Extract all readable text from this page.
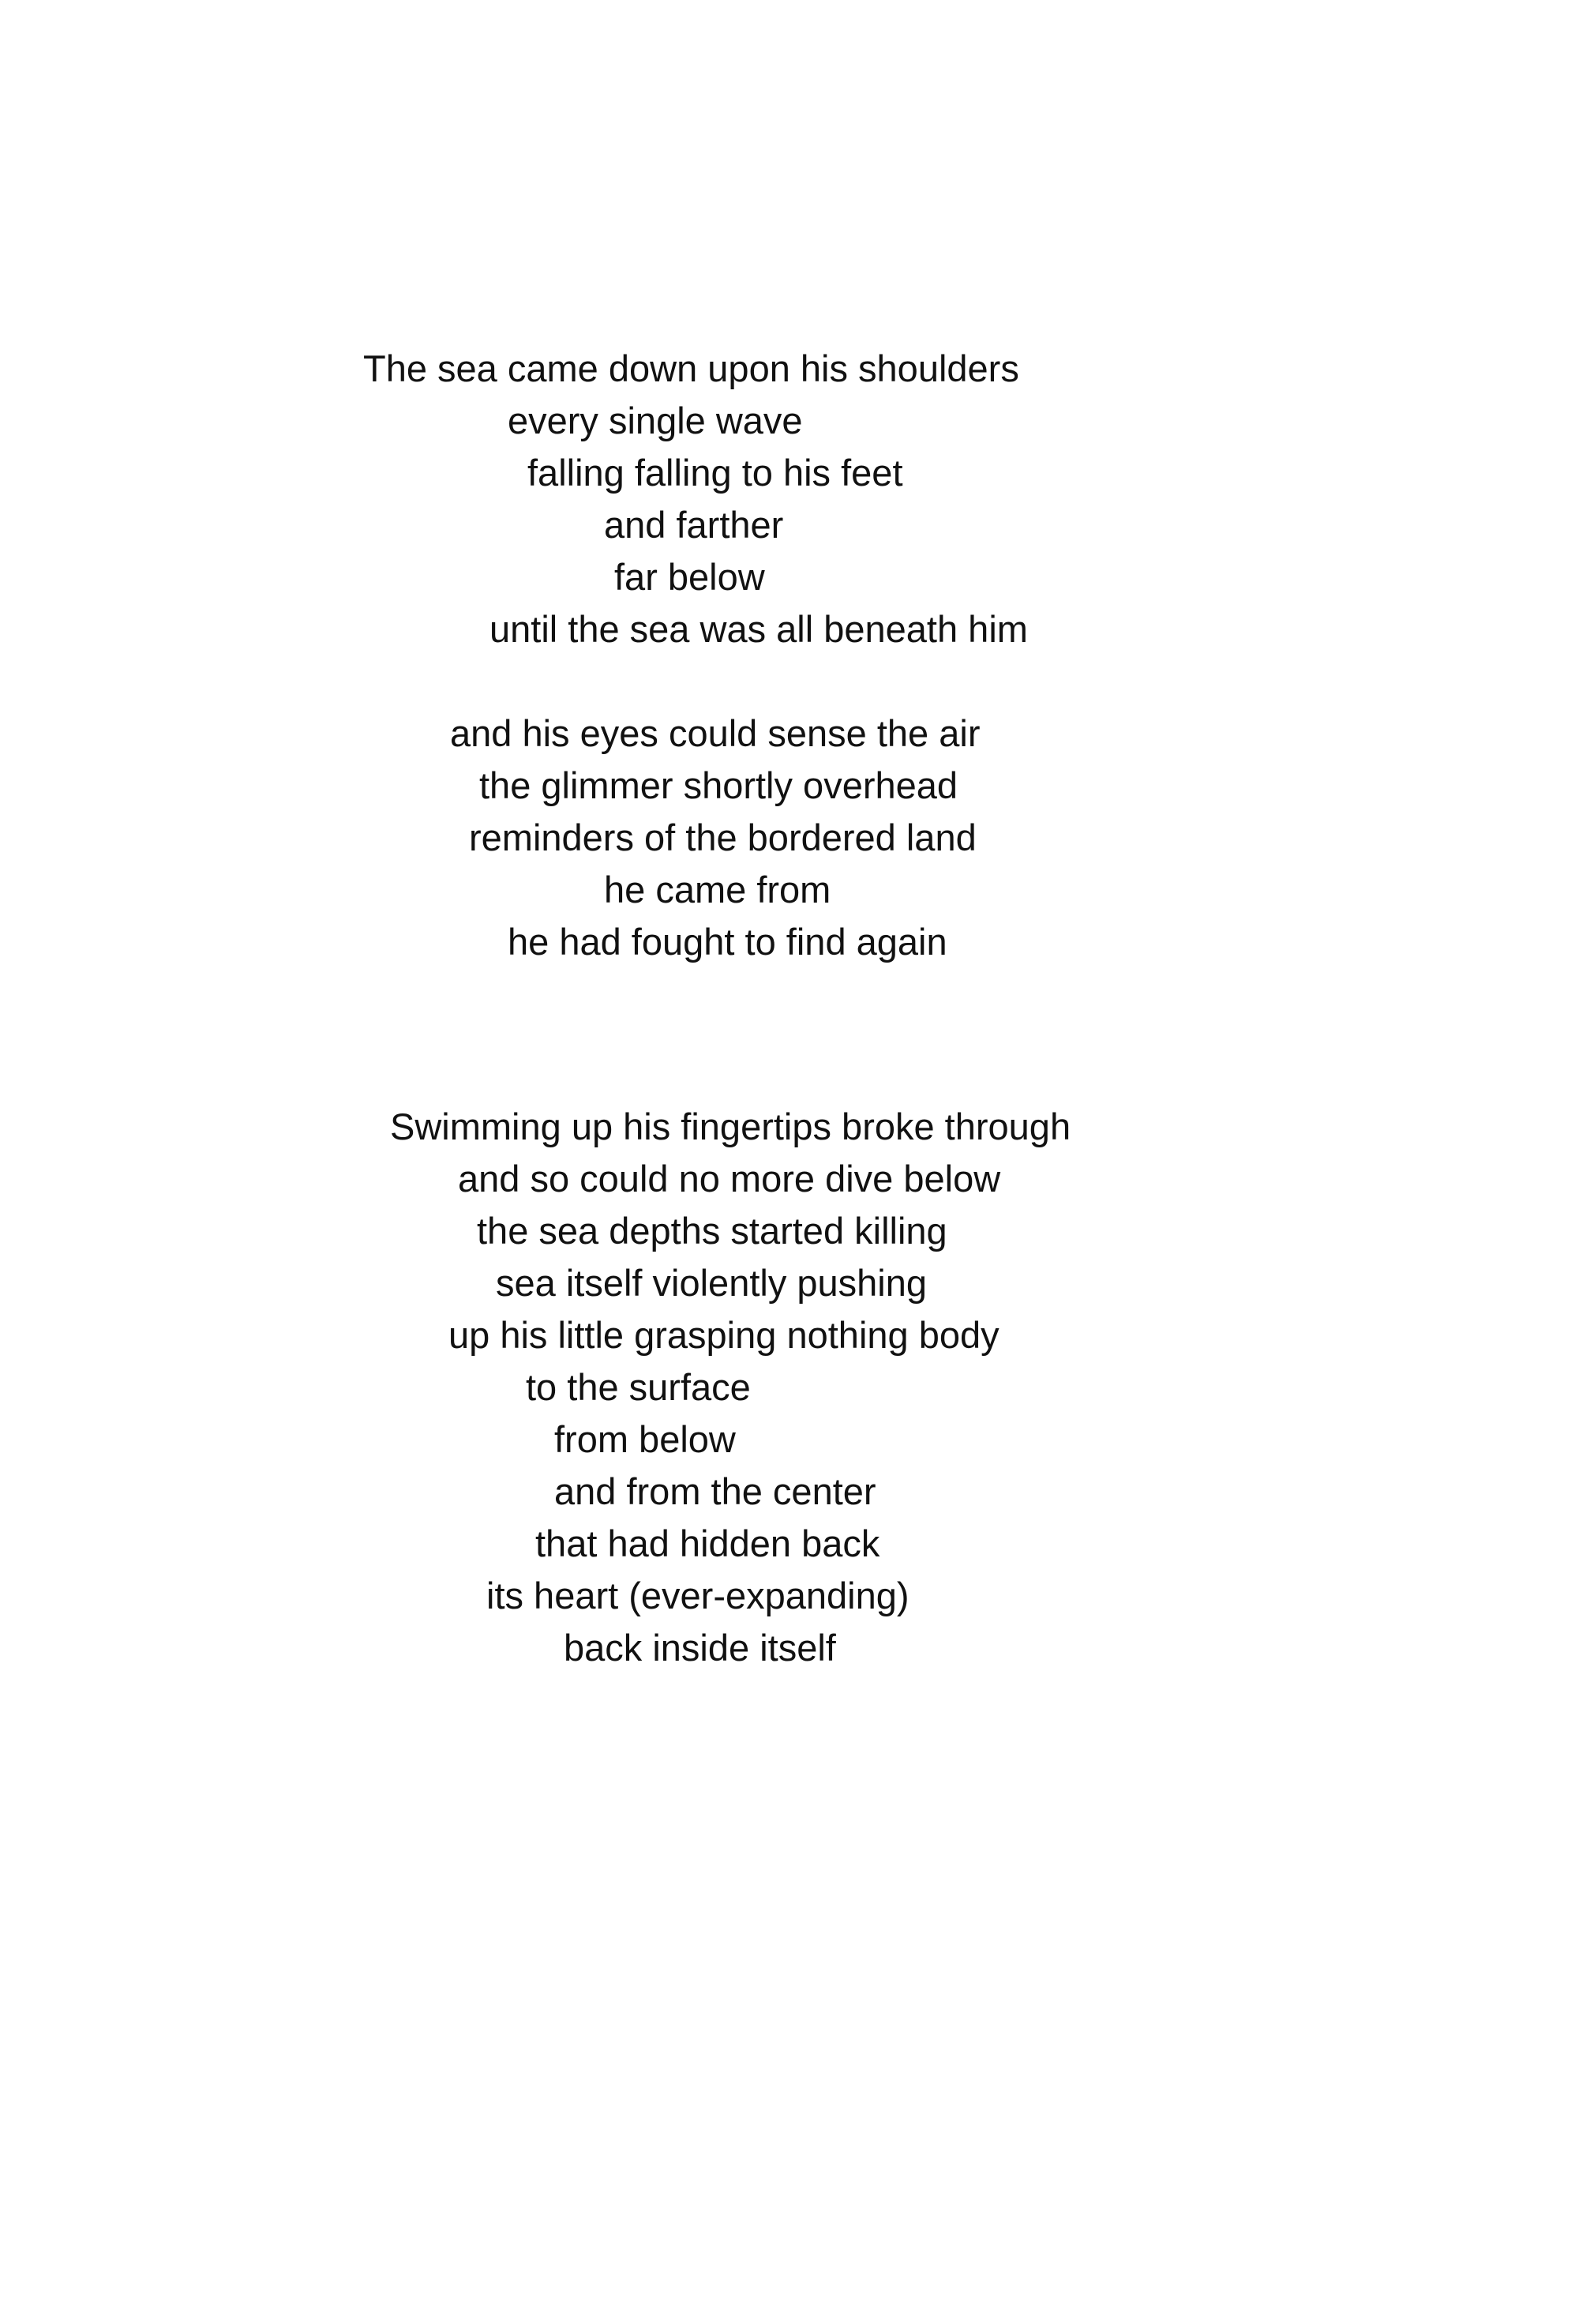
The sea came down upon his shoulders

every single wave

falling falling to his feet

and farther

far below

until the sea was all beneath him

and his eyes could sense the air

the glimmer shortly overhead

reminders of the bordered land

he came from

he had fought to find again

Swimming up his fingertips broke through

and so could no more dive below

the sea depths started killing

sea itself violently pushing

up his little grasping nothing body

to the surface

from below

and from the center

that had hidden back

its heart (ever-expanding)

back inside itself
